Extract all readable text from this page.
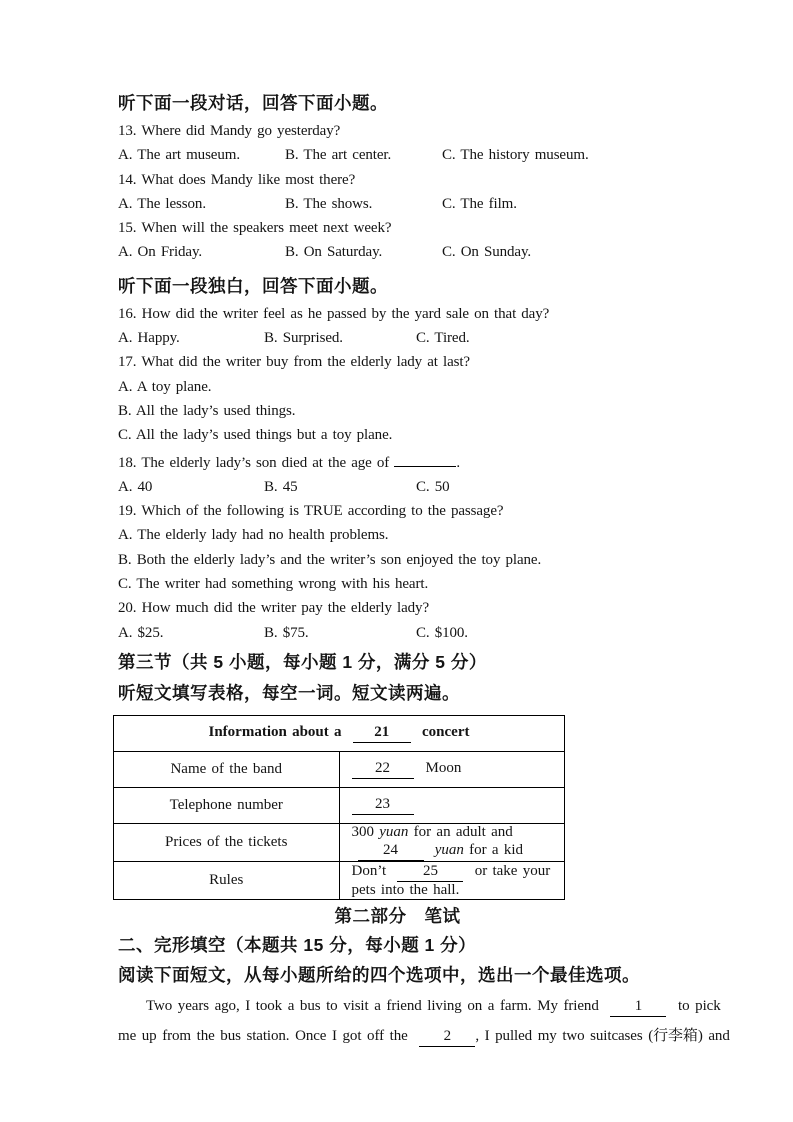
听下面一段对话，回答下面小题。
13. Where did Mandy go yesterday?
A. The art museum.	B. The art center.	C. The history museum.
14. What does Mandy like most there?
A. The lesson.	B. The shows.	C. The film.
15. When will the speakers meet next week?
A. On Friday.	B. On Saturday.	C. On Sunday.
听下面一段独白，回答下面小题。
16. How did the writer feel as he passed by the yard sale on that day?
A. Happy.	B. Surprised.	C. Tired.
17. What did the writer buy from the elderly lady at last?
A. A toy plane.
B. All the lady’s used things.
C. All the lady’s used things but a toy plane.
18. The elderly lady’s son died at the age of	.
A. 40	B. 45	C. 50
19. Which of the following is TRUE according to the passage?
A. The elderly lady had no health problems.
B. Both the elderly lady’s and the writer’s son enjoyed the toy plane.
C. The writer had something wrong with his heart.
20. How much did the writer pay the elderly lady?
A. $25.	B. $75.	C. $100.
第三节（共 5 小题，每小题 1 分，满分 5 分）
听短文填写表格，每空一词。短文读两遍。
Information about a 21 concert	
Name of the band	22 Moon
Telephone number	23
Prices of the tickets	300 yuan for an adult and 24 yuan for a kid
Rules	Don’t 25 or take your pets into the hall.
第二部分　笔试
二、完形填空（本题共 15 分，每小题 1 分）
阅读下面短文，从每小题所给的四个选项中，选出一个最佳选项。
Two years ago, I took a bus to visit a friend living on a farm. My friend 1 to pick
me up from the bus station. Once I got off the 2 , I pulled my two suitcases (行李箱) and
